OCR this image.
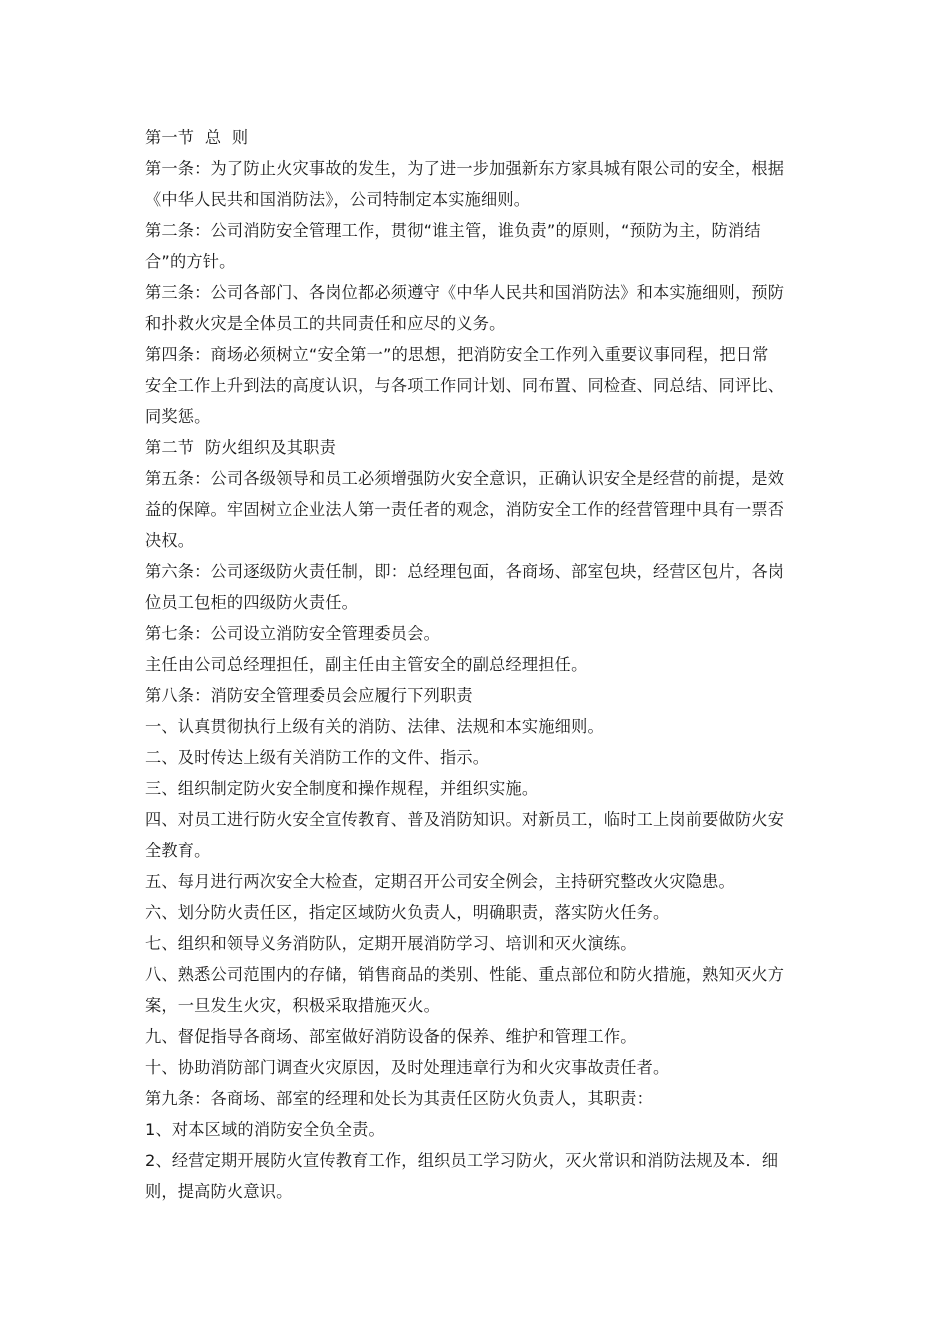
第一节  总  则

第一条：为了防止火灾事故的发生，为了进一步加强新东方家具城有限公司的安全，根据

《中华人民共和国消防法》，公司特制定本实施细则。

第二条：公司消防安全管理工作，贯彻“谁主管，谁负责”的原则，“预防为主，防消结

合”的方针。

第三条：公司各部门、各岗位都必须遵守《中华人民共和国消防法》和本实施细则，预防

和扑救火灾是全体员工的共同责任和应尽的义务。

第四条：商场必须树立“安全第一”的思想，把消防安全工作列入重要议事同程，把日常

安全工作上升到法的高度认识，与各项工作同计划、同布置、同检查、同总结、同评比、

同奖惩。

第二节  防火组织及其职责

第五条：公司各级领导和员工必须增强防火安全意识，正确认识安全是经营的前提，是效

益的保障。牢固树立企业法人第一责任者的观念，消防安全工作的经营管理中具有一票否

决权。

第六条：公司逐级防火责任制，即：总经理包面，各商场、部室包块，经营区包片，各岗

位员工包柜的四级防火责任。

第七条：公司设立消防安全管理委员会。

主任由公司总经理担任，副主任由主管安全的副总经理担任。

第八条：消防安全管理委员会应履行下列职责

一、认真贯彻执行上级有关的消防、法律、法规和本实施细则。

二、及时传达上级有关消防工作的文件、指示。

三、组织制定防火安全制度和操作规程，并组织实施。

四、对员工进行防火安全宣传教育、普及消防知识。对新员工，临时工上岗前要做防火安

全教育。

五、每月进行两次安全大检查，定期召开公司安全例会，主持研究整改火灾隐患。

六、划分防火责任区，指定区域防火负责人，明确职责，落实防火任务。

七、组织和领导义务消防队，定期开展消防学习、培训和灭火演练。

八、熟悉公司范围内的存储，销售商品的类别、性能、重点部位和防火措施，熟知灭火方

案，一旦发生火灾，积极采取措施灭火。

九、督促指导各商场、部室做好消防设备的保养、维护和管理工作。

十、协助消防部门调查火灾原因，及时处理违章行为和火灾事故责任者。

第九条：各商场、部室的经理和处长为其责任区防火负责人，其职责：

1、对本区域的消防安全负全责。

2、经营定期开展防火宣传教育工作，组织员工学习防火，灭火常识和消防法规及本．细

则，提高防火意识。
